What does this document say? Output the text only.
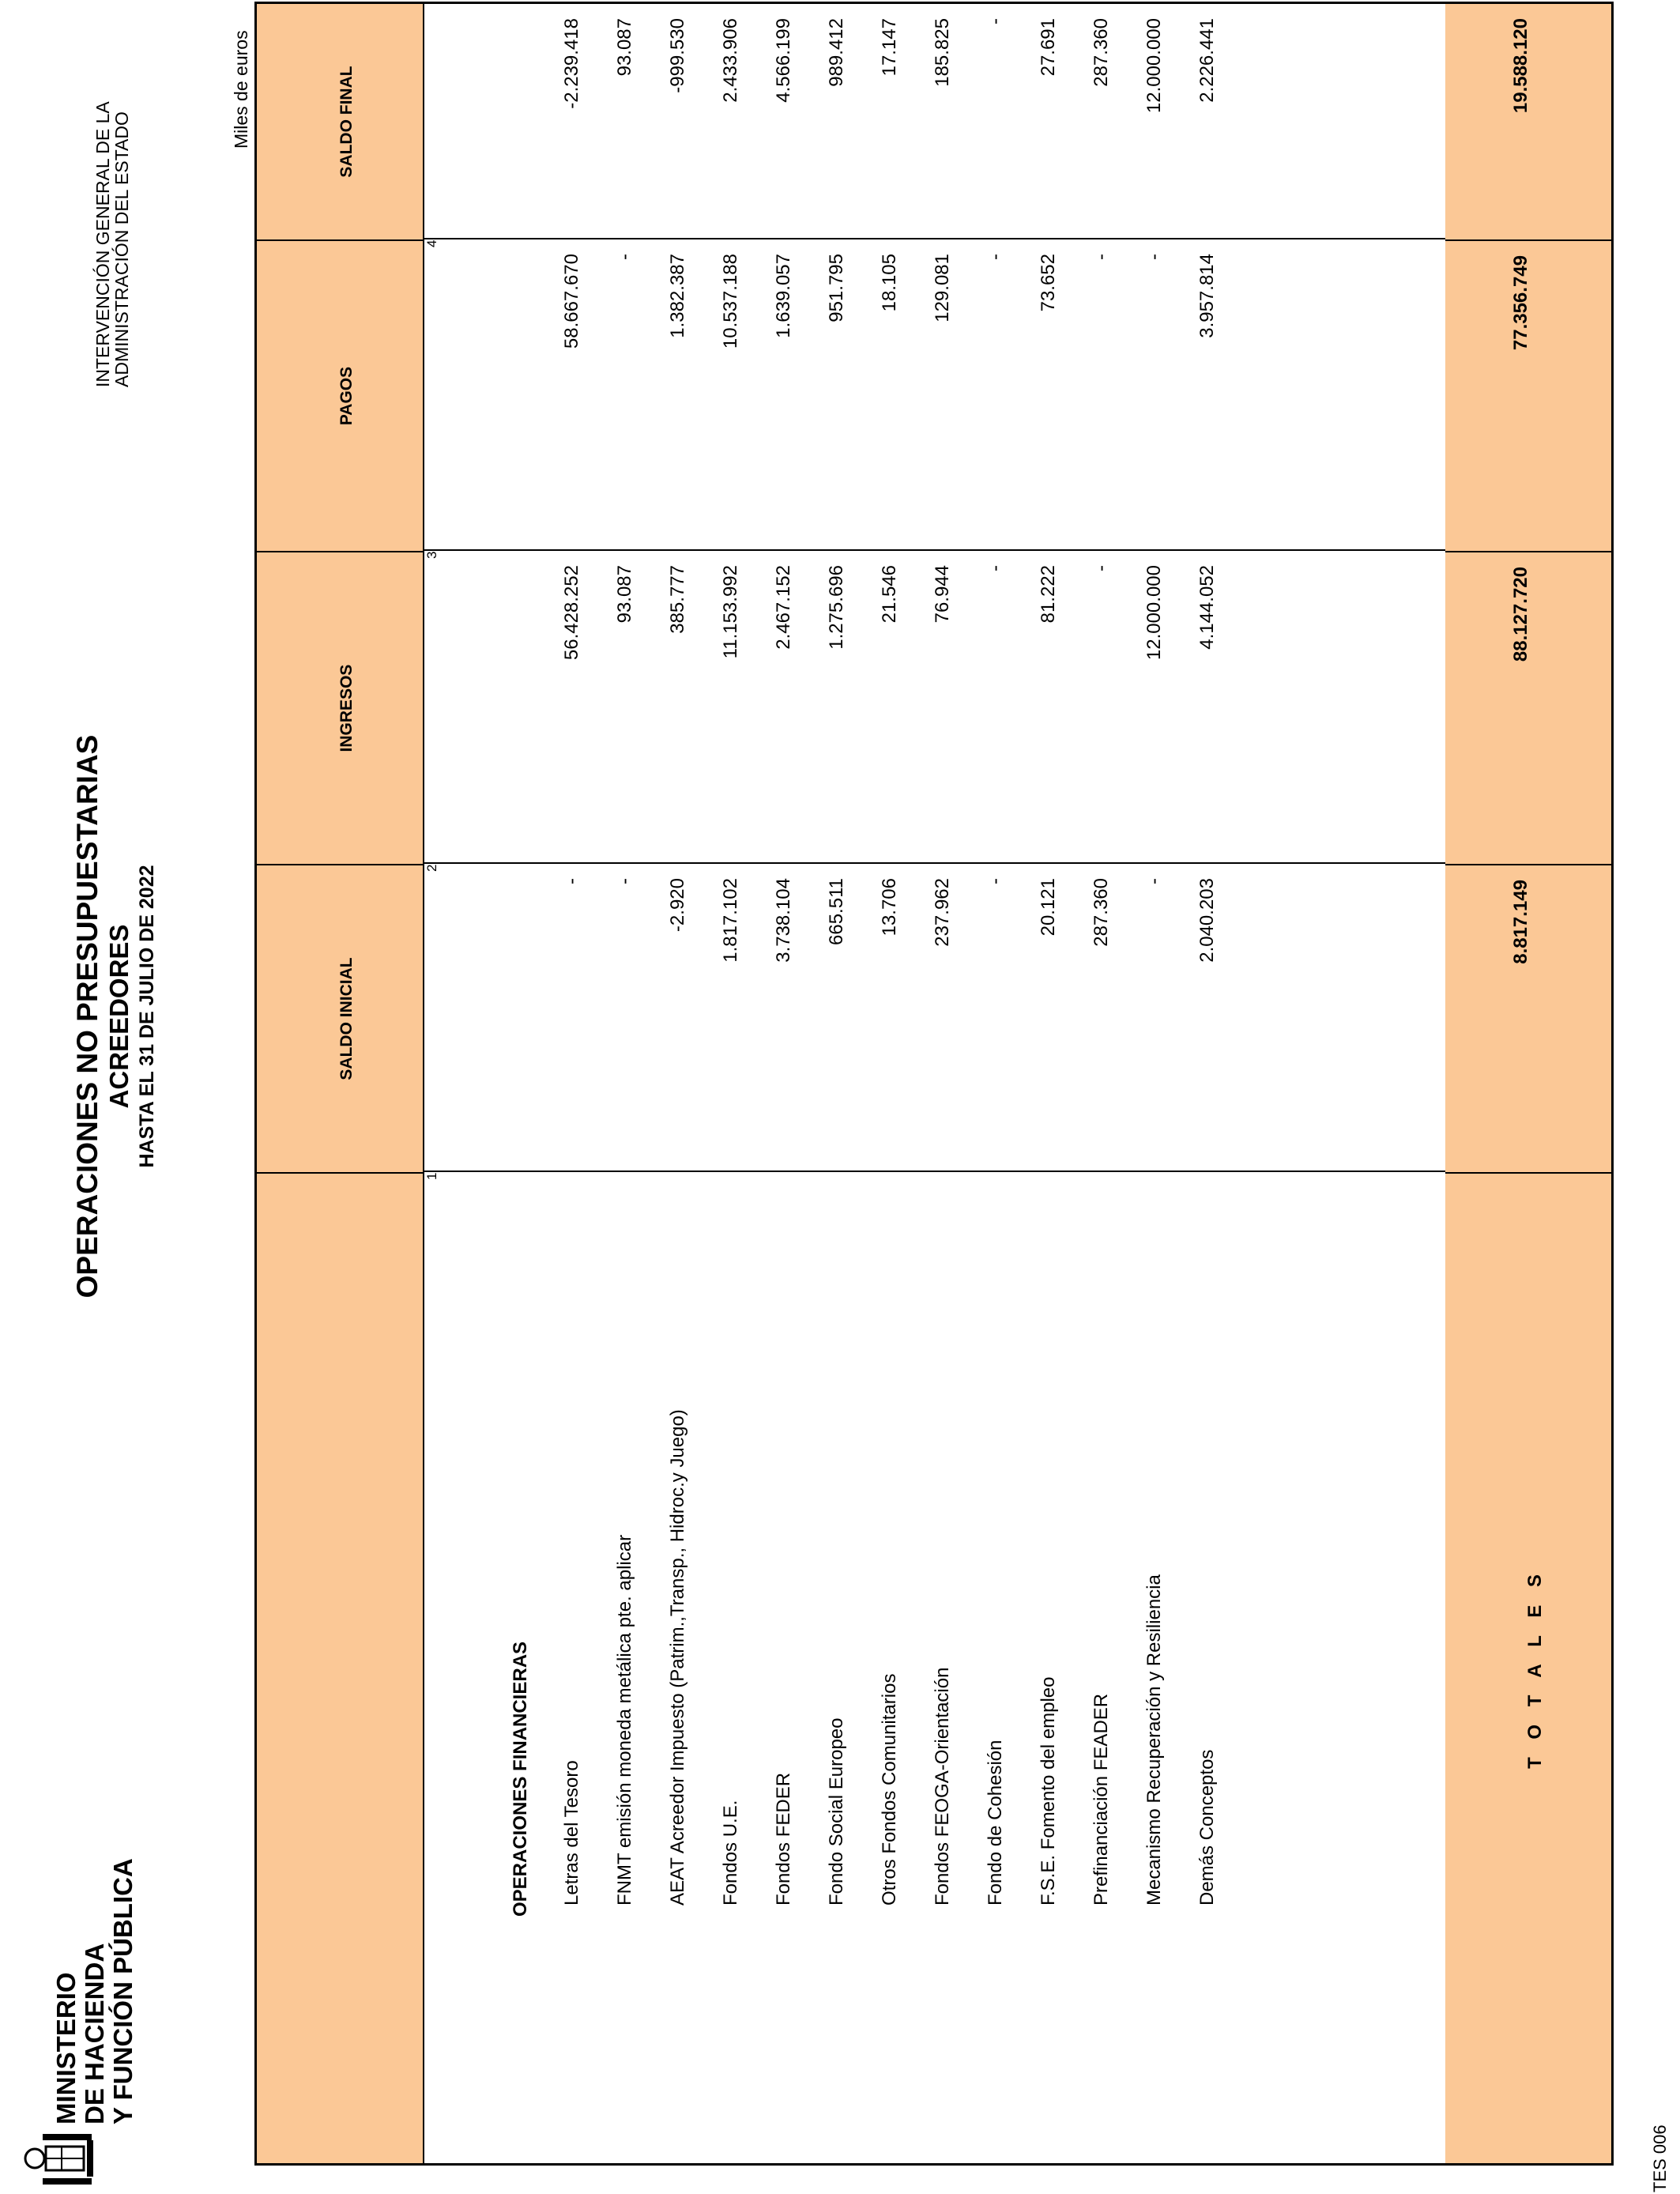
MINISTERIO DE HACIENDA Y FUNCIÓN PÚBLICA
OPERACIONES NO PRESUPUESTARIAS ACREEDORES HASTA EL 31 DE JULIO DE 2022
INTERVENCIÓN GENERAL DE LA
ADMINISTRACIÓN DEL ESTADO
Miles de euros
SALDO INICIAL
1
INGRESOS
2
PAGOS
3
SALDO FINAL
4
OPERACIONES FINANCIERAS Letras del Tesoro
-
56.428.252
58.667.670
-2.239.418
FNMT emisión moneda metálica pte. aplicar
-
93.087
-
93.087
AEAT Acreedor Impuesto (Patrim.,Transp., Hidroc.y Juego)
-2.920
385.777
1.382.387
-999.530
Fondos U.E.
1.817.102
11.153.992
10.537.188
2.433.906
Fondos FEDER
3.738.104
2.467.152
1.639.057
4.566.199
Fondo Social Europeo
665.511
1.275.696
951.795
989.412
Otros Fondos Comunitarios
13.706
21.546
18.105
17.147
Fondos FEOGA-Orientación
237.962
76.944
129.081
185.825
Fondo de Cohesión
-
-
-
-
F.S.E. Fomento del empleo
20.121
81.222
73.652
27.691
Prefinanciación FEADER
287.360
-
-
287.360
Mecanismo Recuperación y Resiliencia
-
12.000.000
-
12.000.000
Demás Conceptos
2.040.203
4.144.052
3.957.814
2.226.441
T O T A L E S
8.817.149
88.127.720
77.356.749
19.588.120
TES 006
